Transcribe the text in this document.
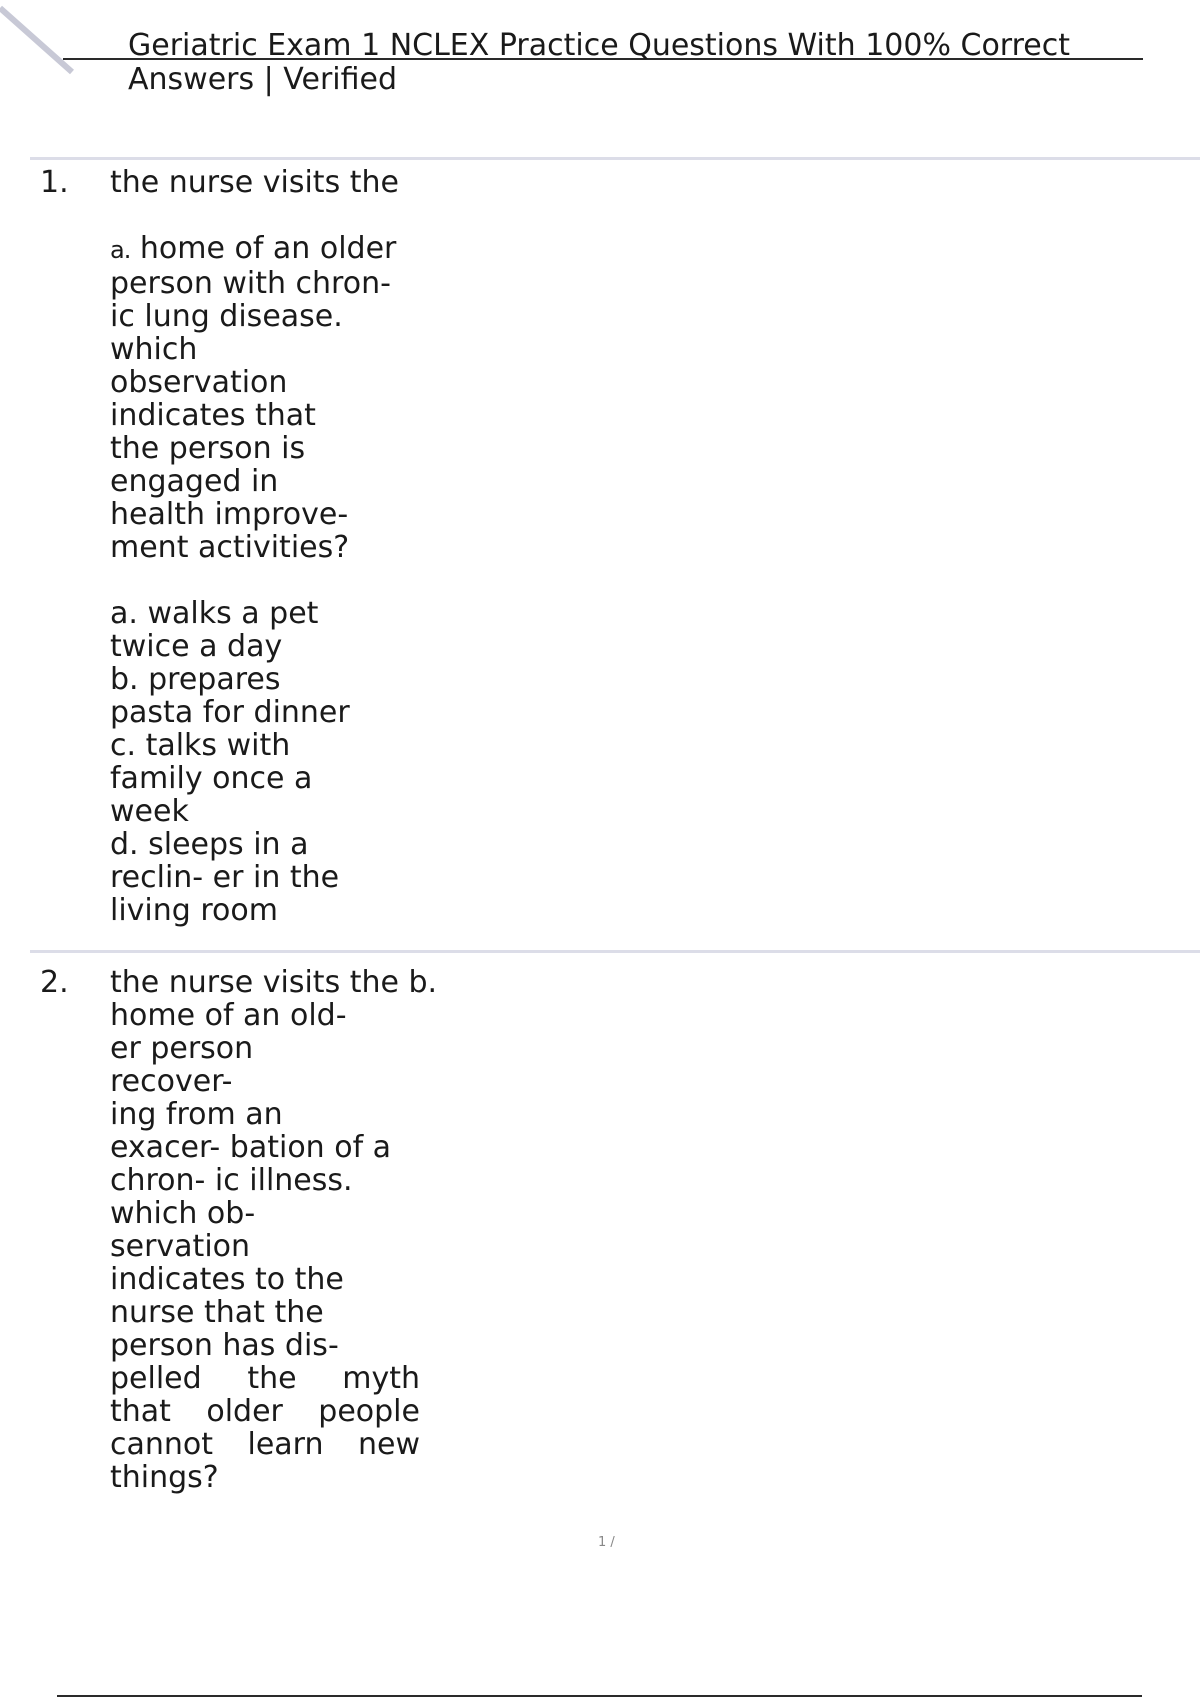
Geriatric Exam 1 NCLEX Practice Questions With 100% Correct
Answers | Verified
1. the nurse visits the
a. home of an older
person with chron-
ic lung disease.
which
observation
indicates that
the person is
engaged in
health improve-
ment activities?
a. walks a pet
twice a day
b. prepares
pasta for dinner
c. talks with
family once a
week
d. sleeps in a
reclin- er in the
living room
2. the nurse visits the b.
home of an old-
er person
recover-
ing from an
exacer- bation of a
chron- ic illness.
which ob-
servation
indicates to the
nurse that the
person has dis-
pelled the myth
that older people
cannot learn new
things?
1 /
